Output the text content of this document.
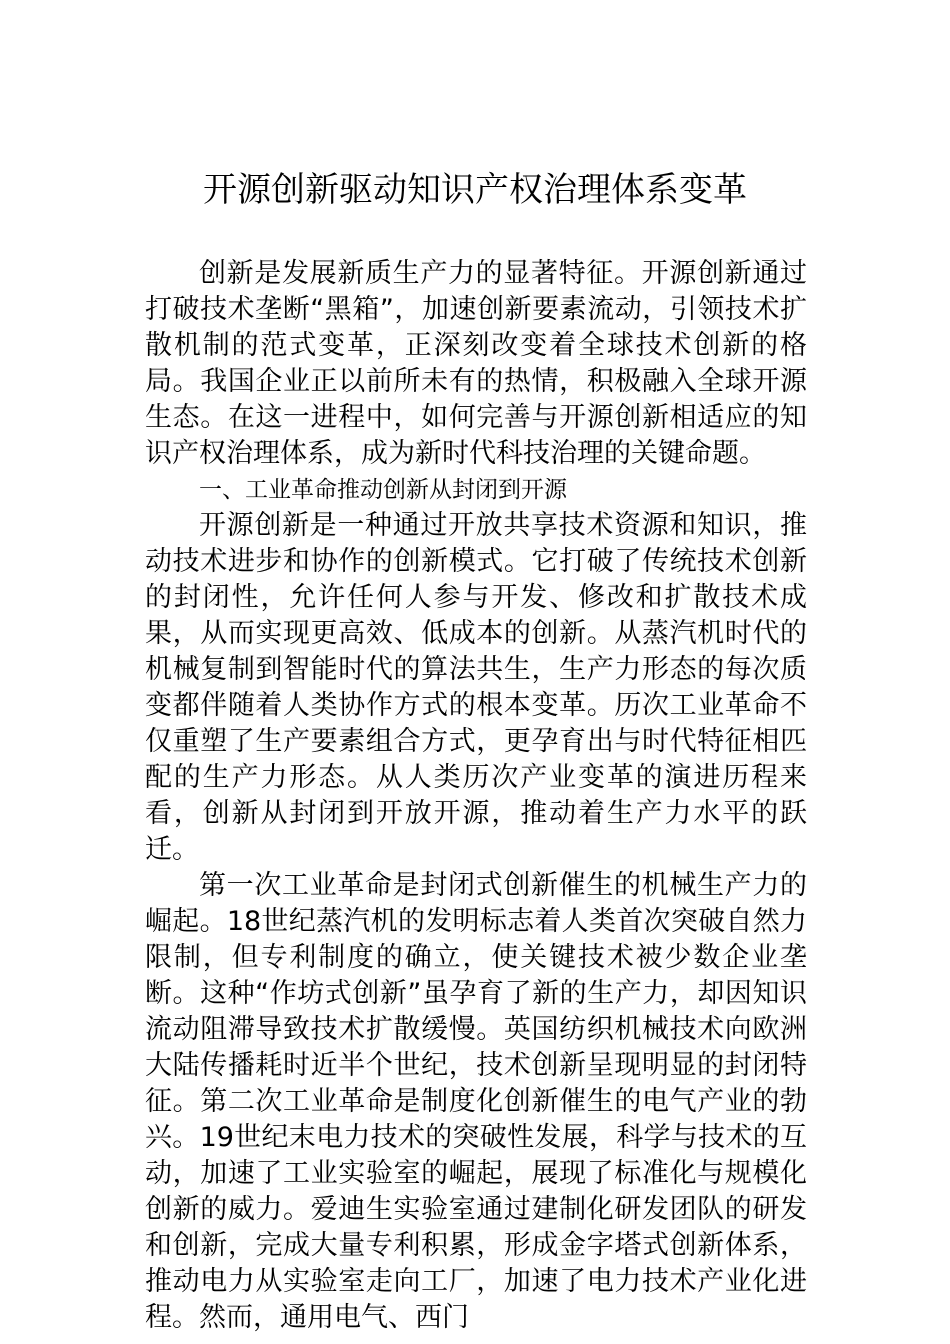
开源创新驱动知识产权治理体系变革

创新是发展新质生产力的显著特征。开源创新通过打破技术垄断“黑箱”，加速创新要素流动，引领技术扩散机制的范式变革，正深刻改变着全球技术创新的格局。我国企业正以前所未有的热情，积极融入全球开源生态。在这一进程中，如何完善与开源创新相适应的知识产权治理体系，成为新时代科技治理的关键命题。

一、工业革命推动创新从封闭到开源

开源创新是一种通过开放共享技术资源和知识，推动技术进步和协作的创新模式。它打破了传统技术创新的封闭性，允许任何人参与开发、修改和扩散技术成果，从而实现更高效、低成本的创新。从蒸汽机时代的机械复制到智能时代的算法共生，生产力形态的每次质变都伴随着人类协作方式的根本变革。历次工业革命不仅重塑了生产要素组合方式，更孕育出与时代特征相匹配的生产力形态。从人类历次产业变革的演进历程来看，创新从封闭到开放开源，推动着生产力水平的跃迁。

第一次工业革命是封闭式创新催生的机械生产力的崛起。18世纪蒸汽机的发明标志着人类首次突破自然力限制，但专利制度的确立，使关键技术被少数企业垄断。这种“作坊式创新”虽孕育了新的生产力，却因知识流动阻滞导致技术扩散缓慢。英国纺织机械技术向欧洲大陆传播耗时近半个世纪，技术创新呈现明显的封闭特征。第二次工业革命是制度化创新催生的电气产业的勃兴。19世纪末电力技术的突破性发展，科学与技术的互动，加速了工业实验室的崛起，展现了标准化与规模化创新的威力。爱迪生实验室通过建制化研发团队的研发和创新，完成大量专利积累，形成金字塔式创新体系，推动电力从实验室走向工厂，加速了电力技术产业化进程。然而，通用电气、西门
